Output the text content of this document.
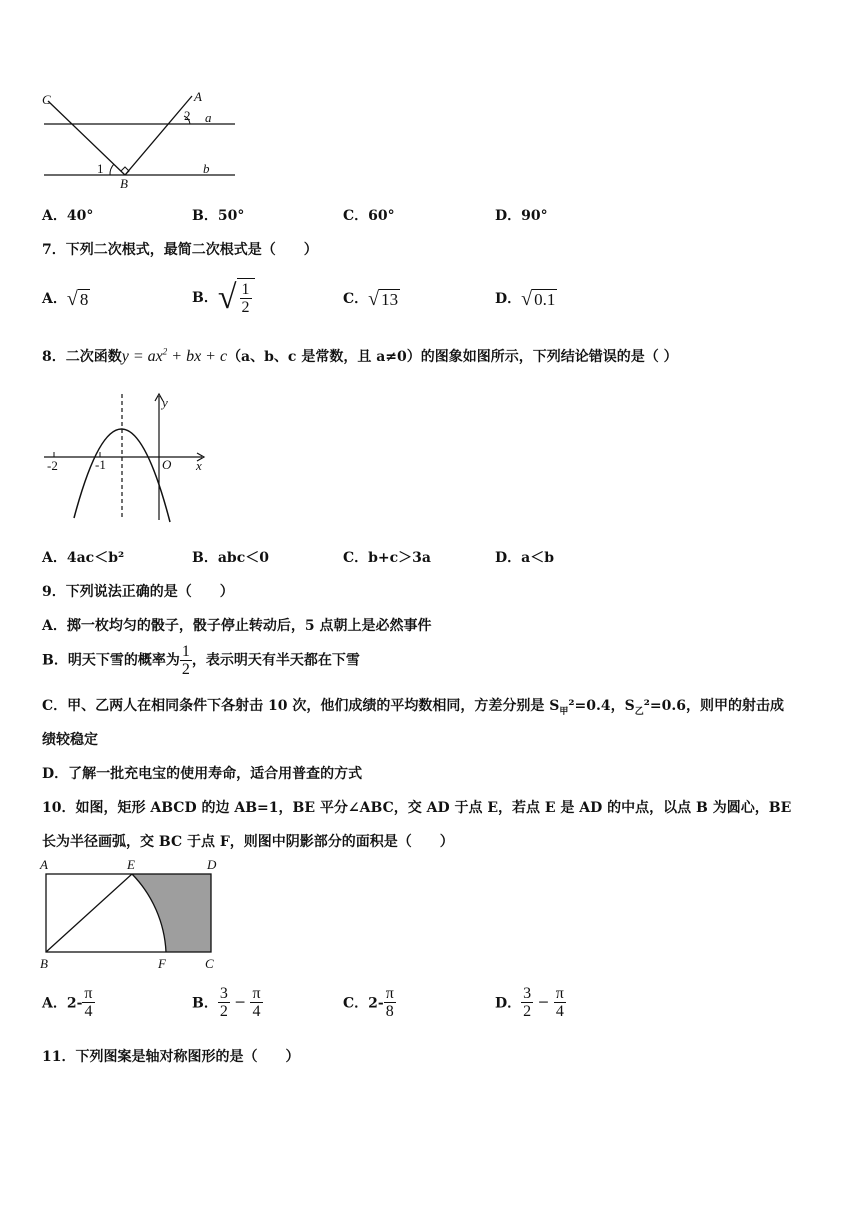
C	A
B
a
b
1
2
A．40°	B．50°	C．60°	D．90°
7．下列二次根式，最简二次根式是（　　）
A． √ 8	B． √ $\frac{1}{2}$	C． √ 13	D． √ 0.1
8．二次函数$y = ax^2$ + bx + c（a、b、c 是常数，且 a≠0）的图象如图所示，下列结论错误的是（ ）
y
x
O
-2	-1
A．4ac＜b²	B．abc＜0	C．b+c＞3a	D．a＜b
9．下列说法正确的是（　　）
A．掷一枚均匀的骰子，骰子停止转动后，5 点朝上是必然事件
B．明天下雪的概率为 $\frac{1}{2}$ ，表示明天有半天都在下雪
C．甲、乙两人在相同条件下各射击 10 次，他们成绩的平均数相同，方差分别是 $S_甲^2=0.4$，$S_乙^2=0.6$，则甲的射击成
绩较稳定
D．了解一批充电宝的使用寿命，适合用普查的方式
10．如图，矩形 ABCD 的边 AB=1，BE 平分∠ABC，交 AD 于点 E，若点 E 是 AD 的中点，以点 B 为圆心，BE
长为半径画弧，交 BC 于点 F，则图中阴影部分的面积是（　　）
A	E	D
B	F	C
A．$2- \frac{\pi}{4}$	B． $\frac{3}{2} - \frac{\pi}{4}$	C．$2- \frac{\pi}{8}$	D． $\frac{3}{2} - \frac{\pi}{4}$
11．下列图案是轴对称图形的是（　　）
